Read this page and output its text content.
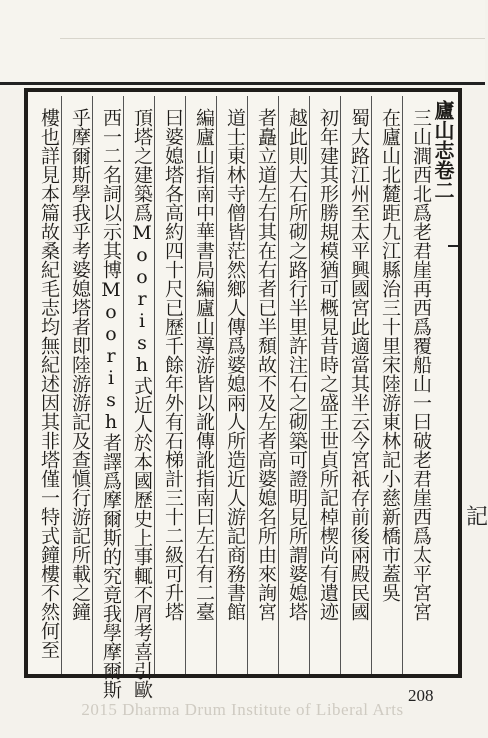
廬山志卷二
記
三山澗西北爲老君崖再西爲覆船山一曰破老君崖西爲太平宮宮
在廬山北麓距九江縣治三十里宋陸游東林記小慈新橋市蓋吳
蜀大路江州至太平興國宮此適當其半云今宮祇存前後兩殿民國
初年建其形勝規模猶可概見昔時之盛王世貞所記棹楔尚有遺迹
越此則大石所砌之路行半里許注石之砌築可證明見所謂婆媳塔
者矗立道左右其在右者已半頹故不及左者高婆媳名所由來詢宮
道士東林寺僧皆茫然鄉人傳爲婆媳兩人所造近人游記商務書館
編廬山指南中華書局編廬山導游皆以訛傳訛指南曰左右有二臺
曰婆媳塔各高約四十尺已歷千餘年外有石梯計三十二級可升塔
頂塔之建築爲Moorish式近人於本國歷史上事輒不屑考喜引歐
西一二名詞以示其博Moorish者譯爲摩爾斯的究竟我學摩爾斯
乎摩爾斯學我乎考婆媳塔者即陸游游記及查愼行游記所載之鐘
樓也詳見本篇故桑紀毛志均無紀述因其非塔僅一特式鐘樓不然何至
208
2015 Dharma Drum Institute of Liberal Arts
